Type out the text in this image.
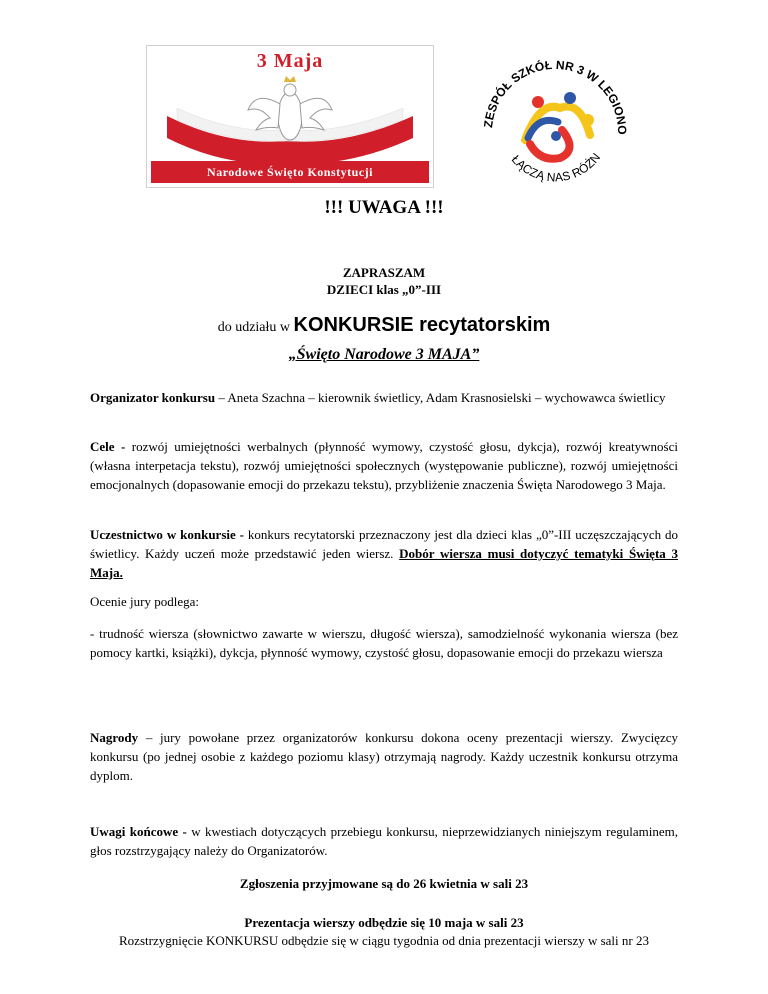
3 Maja
Narodowe Święto Konstytucji
ZESPÓŁ SZKÓŁ NR 3 W LEGIONO
ŁĄCZĄ NAS RÓŻN
!!! UWAGA !!!
ZAPRASZAM
DZIECI klas „0”-III
do udziału w KONKURSIE recytatorskim
„Święto Narodowe 3 MAJA”
Organizator konkursu – Aneta Szachna – kierownik świetlicy, Adam Krasnosielski – wychowawca świetlicy
Cele - rozwój umiejętności werbalnych (płynność wymowy, czystość głosu, dykcja), rozwój kreatywności (własna interpetacja tekstu), rozwój umiejętności społecznych (występowanie publiczne), rozwój umiejętności emocjonalnych (dopasowanie emocji do przekazu tekstu), przybliżenie znaczenia Święta Narodowego 3 Maja.
Uczestnictwo w konkursie - konkurs recytatorski przeznaczony jest dla dzieci klas „0”-III uczęszczających do świetlicy. Każdy uczeń może przedstawić jeden wiersz. Dobór wiersza musi dotyczyć tematyki Święta 3 Maja.
Ocenie jury podlega:
- trudność wiersza (słownictwo zawarte w wierszu, długość wiersza), samodzielność wykonania wiersza (bez pomocy kartki, książki), dykcja, płynność wymowy, czystość głosu, dopasowanie emocji do przekazu wiersza
Nagrody – jury powołane przez organizatorów konkursu dokona oceny prezentacji wierszy. Zwycięzcy konkursu (po jednej osobie z każdego poziomu klasy) otrzymają nagrody. Każdy uczestnik konkursu otrzyma dyplom.
Uwagi końcowe - w kwestiach dotyczących przebiegu konkursu, nieprzewidzianych niniejszym regulaminem, głos rozstrzygający należy do Organizatorów.
Zgłoszenia przyjmowane są do 26 kwietnia w sali 23
Prezentacja wierszy odbędzie się 10 maja w sali 23
Rozstrzygnięcie KONKURSU odbędzie się w ciągu tygodnia od dnia prezentacji wierszy w sali nr 23
